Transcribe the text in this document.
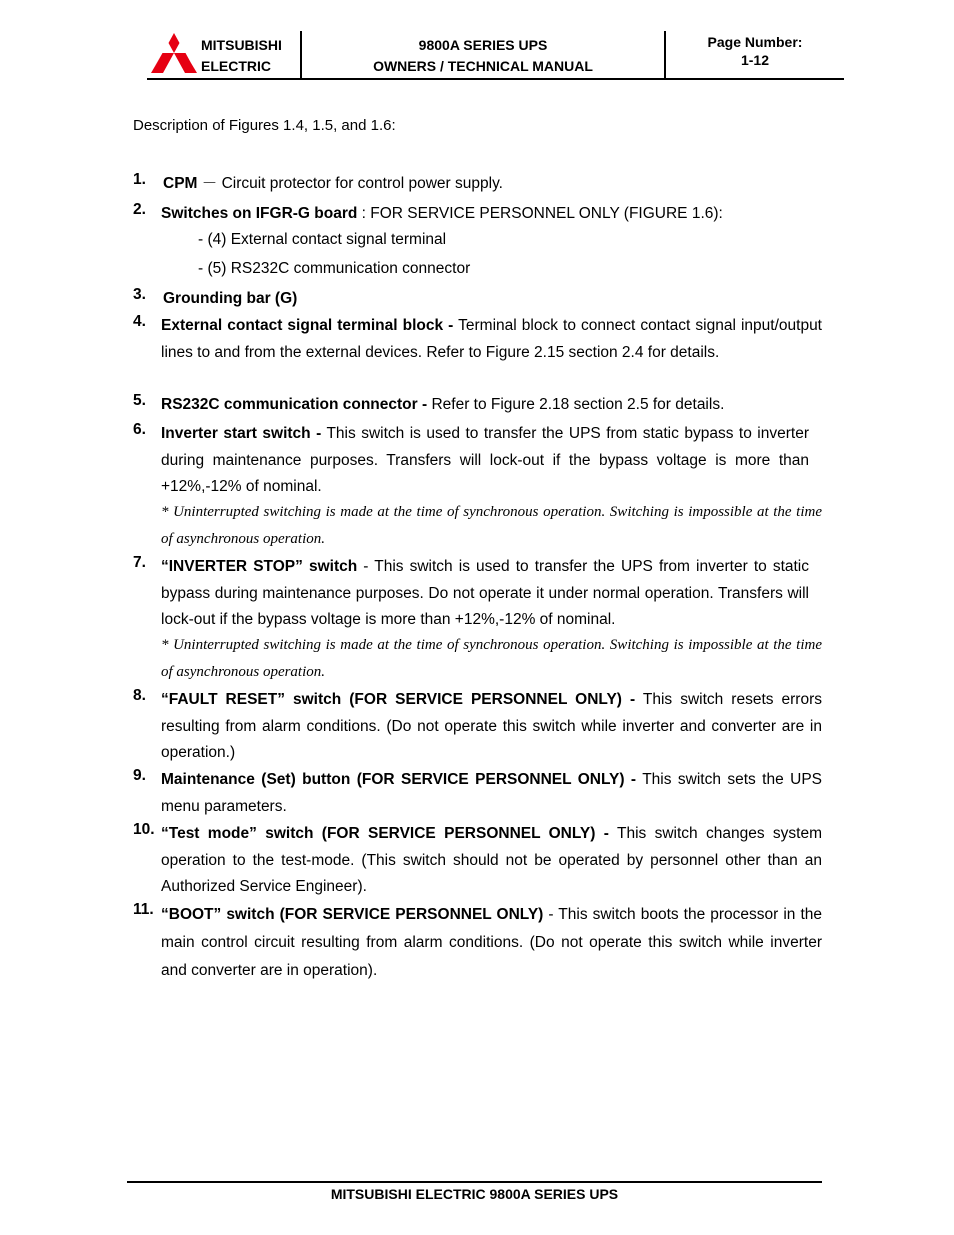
MITSUBISHI
ELECTRIC
9800A SERIES UPS
OWNERS / TECHNICAL MANUAL
Page Number:
1-12
Description of Figures 1.4, 1.5, and 1.6:
1. CPM － Circuit protector for control power supply.
2. Switches on IFGR-G board : FOR SERVICE PERSONNEL ONLY (FIGURE 1.6):
3. Grounding bar (G)
4. External contact signal terminal block - Terminal block to connect contact signal input/output lines to and from the external devices. Refer to Figure 2.15 section 2.4 for details.
5. RS232C communication connector - Refer to Figure 2.18 section 2.5 for details.
6. Inverter start switch - This switch is used to transfer the UPS from static bypass to inverter during maintenance purposes. Transfers will lock-out if the bypass voltage is more than +12%,-12% of nominal.
7. “INVERTER STOP” switch - This switch is used to transfer the UPS from inverter to static bypass during maintenance purposes. Do not operate it under normal operation. Transfers will lock-out if the bypass voltage is more than +12%,-12% of nominal.
8. “FAULT RESET” switch (FOR SERVICE PERSONNEL ONLY) - This switch resets errors resulting from alarm conditions. (Do not operate this switch while inverter and converter are in operation.)
9. Maintenance (Set) button (FOR SERVICE PERSONNEL ONLY) - This switch sets the UPS menu parameters.
10. “Test mode” switch (FOR SERVICE PERSONNEL ONLY) - This switch changes system operation to the test-mode. (This switch should not be operated by personnel other than an Authorized Service Engineer).
11. “BOOT” switch (FOR SERVICE PERSONNEL ONLY) - This switch boots the processor in the main control circuit resulting from alarm conditions. (Do not operate this switch while inverter and converter are in operation).
- (4) External contact signal terminal
- (5) RS232C communication connector
* Uninterrupted switching is made at the time of synchronous operation. Switching is impossible at the time of asynchronous operation.
* Uninterrupted switching is made at the time of synchronous operation. Switching is impossible at the time of asynchronous operation.
MITSUBISHI ELECTRIC 9800A SERIES UPS
